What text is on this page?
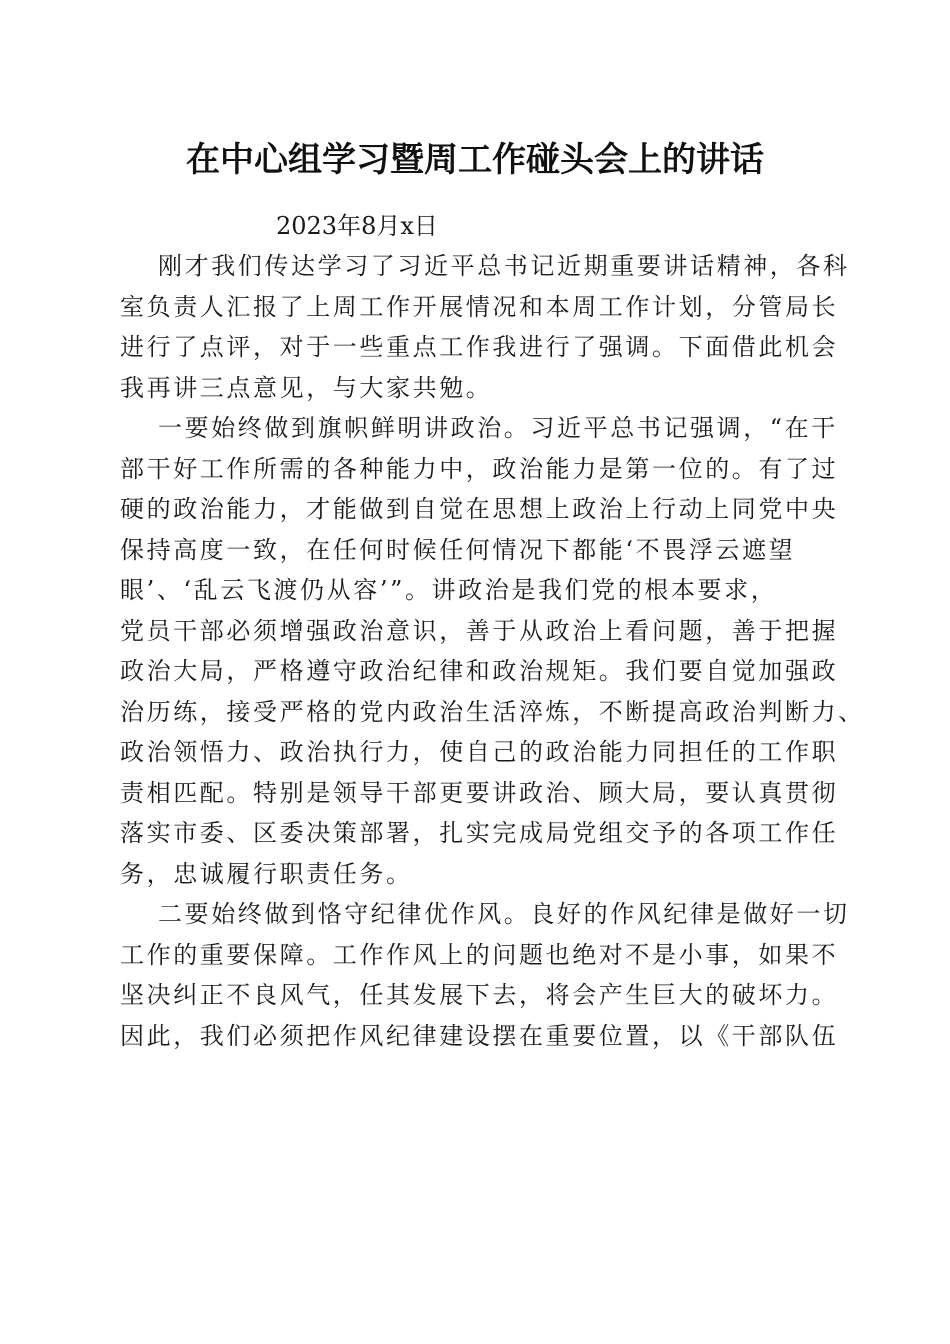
在中心组学习暨周工作碰头会上的讲话

2023年8月x日

刚才我们传达学习了习近平总书记近期重要讲话精神，各科
室负责人汇报了上周工作开展情况和本周工作计划，分管局长
进行了点评，对于一些重点工作我进行了强调。下面借此机会
我再讲三点意见，与大家共勉。

一要始终做到旗帜鲜明讲政治。习近平总书记强调，“在干
部干好工作所需的各种能力中，政治能力是第一位的。有了过
硬的政治能力，才能做到自觉在思想上政治上行动上同党中央
保持高度一致，在任何时候任何情况下都能‘不畏浮云遮望
眼’、‘乱云飞渡仍从容’”。讲政治是我们党的根本要求，
党员干部必须增强政治意识，善于从政治上看问题，善于把握
政治大局，严格遵守政治纪律和政治规矩。我们要自觉加强政
治历练，接受严格的党内政治生活淬炼，不断提高政治判断力、
政治领悟力、政治执行力，使自己的政治能力同担任的工作职
责相匹配。特别是领导干部更要讲政治、顾大局，要认真贯彻
落实市委、区委决策部署，扎实完成局党组交予的各项工作任
务，忠诚履行职责任务。

二要始终做到恪守纪律优作风。良好的作风纪律是做好一切
工作的重要保障。工作作风上的问题也绝对不是小事，如果不
坚决纠正不良风气，任其发展下去，将会产生巨大的破坏力。
因此，我们必须把作风纪律建设摆在重要位置，以《干部队伍
